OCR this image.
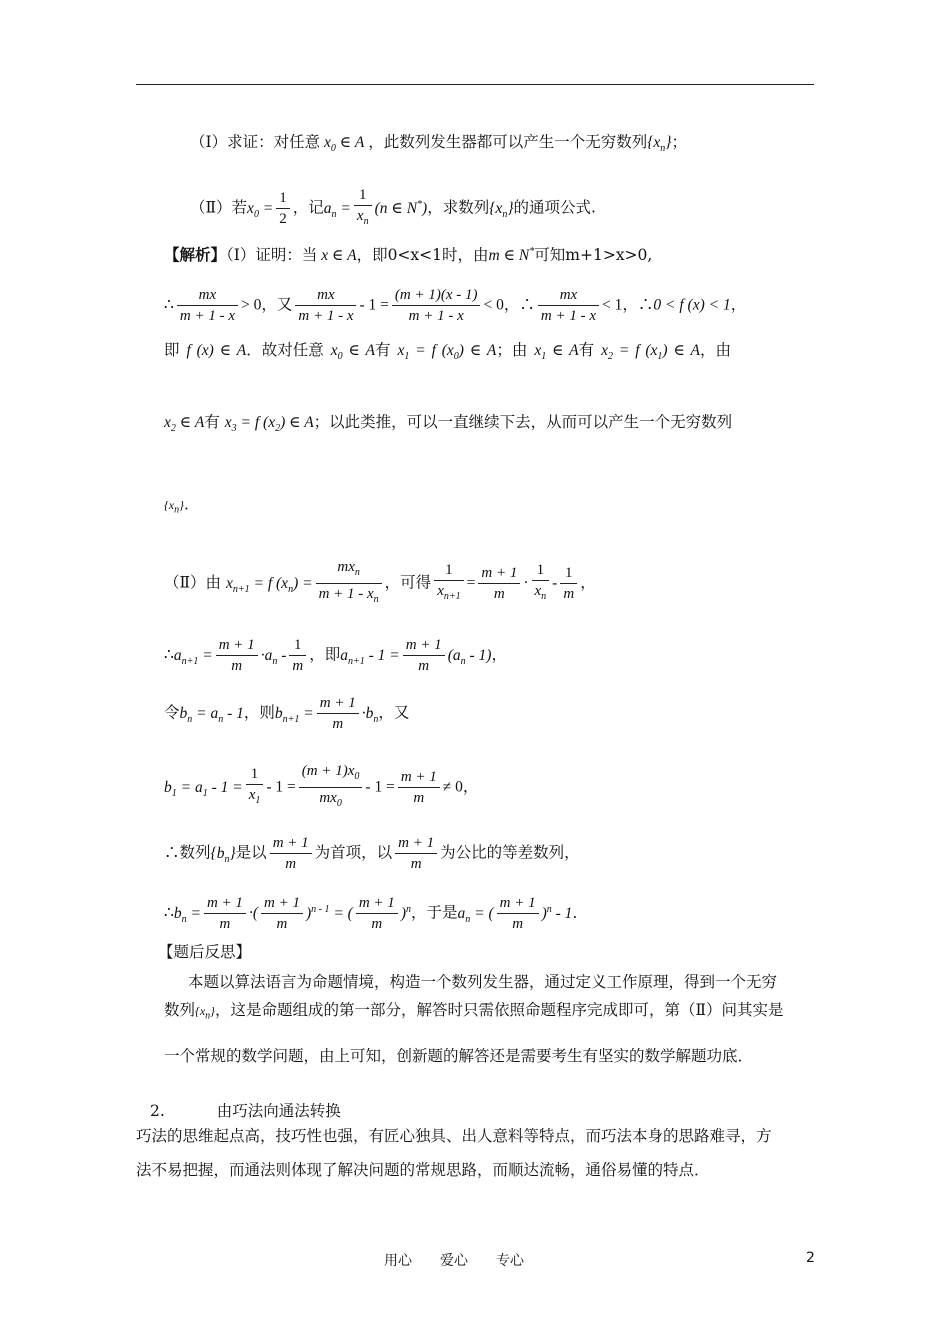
（Ⅰ）求证：对任意 $x_0$ ∈ A ，此数列发生器都可以产生一个无穷数列$\{x_n\}$；
（Ⅱ）若$x_0 = \frac{1}{2}$ ，记$a_n = \frac{1}{x_n} (n$ ∈ N*)，求数列$\{x_n\}$的通项公式.
【解析】（Ⅰ）证明：当 x ∈ A，即0<x<1时，由m ∈ N*可知m+1>x>0,
∴ $\frac{mx}{m + 1 - x} > 0$，又 $\frac{mx}{m + 1 - x} - 1 = \frac{(m + 1)(x - 1)}{m + 1 - x} < 0$，∴ $\frac{mx}{m + 1 - x} < 1$，∴0 < f (x) < 1，
即 f (x) ∈ A．故对任意 $x_0$ ∈ A有 $x_1 = f$ $(x_0)$ ∈ A；由 $x_1$ ∈ A有 $x_2 = f$ $(x_1)$ ∈ A，由
$x_2$ ∈ A有 $x_3 = f$ $(x_2)$ ∈ A；以此类推，可以一直继续下去，从而可以产生一个无穷数列
$\{x_n\}$．
（Ⅱ）由 $x_{n+1} = f$ $(x_n) = \frac{mx_n}{m + 1 - x_n}$ ，可得 $\frac{1}{x_{n+1}} = \frac{m + 1}{m} \cdot \frac{1}{x_n} - \frac{1}{m}$ ，
$\therefore a_{n+1} = \frac{m + 1}{m} \cdot a_n - \frac{1}{m}$ ，即$a_{n+1} - 1 = \frac{m + 1}{m} (a_n - 1)$，
令$b_n = a_n - 1$，则$b_{n+1} = \frac{m + 1}{m} \cdot b_n$，又
$b_1 = a_1 - 1 = \frac{1}{x_1} - 1 = \frac{(m + 1)x_0}{mx_0} - 1 = \frac{m + 1}{m} \ne 0$，
∴数列$\{b_n\}$是以 $\frac{m + 1}{m}$ 为首项，以 $\frac{m + 1}{m}$ 为公比的等差数列，
$\therefore b_n = \frac{m + 1}{m}$ ·( $\frac{m + 1}{m} )^{n - 1}$ = ( $\frac{m + 1}{m} )^n$，于是$a_n$ = ( $\frac{m + 1}{m} )^n - 1$．
【题后反思】
本题以算法语言为命题情境，构造一个数列发生器，通过定义工作原理，得到一个无穷
数列$\{x_n\}$，这是命题组成的第一部分，解答时只需依照命题程序完成即可，第（Ⅱ）问其实是
一个常规的数学问题，由上可知，创新题的解答还是需要考生有坚实的数学解题功底．
2.	由巧法向通法转换
巧法的思维起点高，技巧性也强，有匠心独具、出人意料等特点，而巧法本身的思路难寻，方
法不易把握，而通法则体现了解决问题的常规思路，而顺达流畅，通俗易懂的特点．
用心　　爱心　　专心	2
